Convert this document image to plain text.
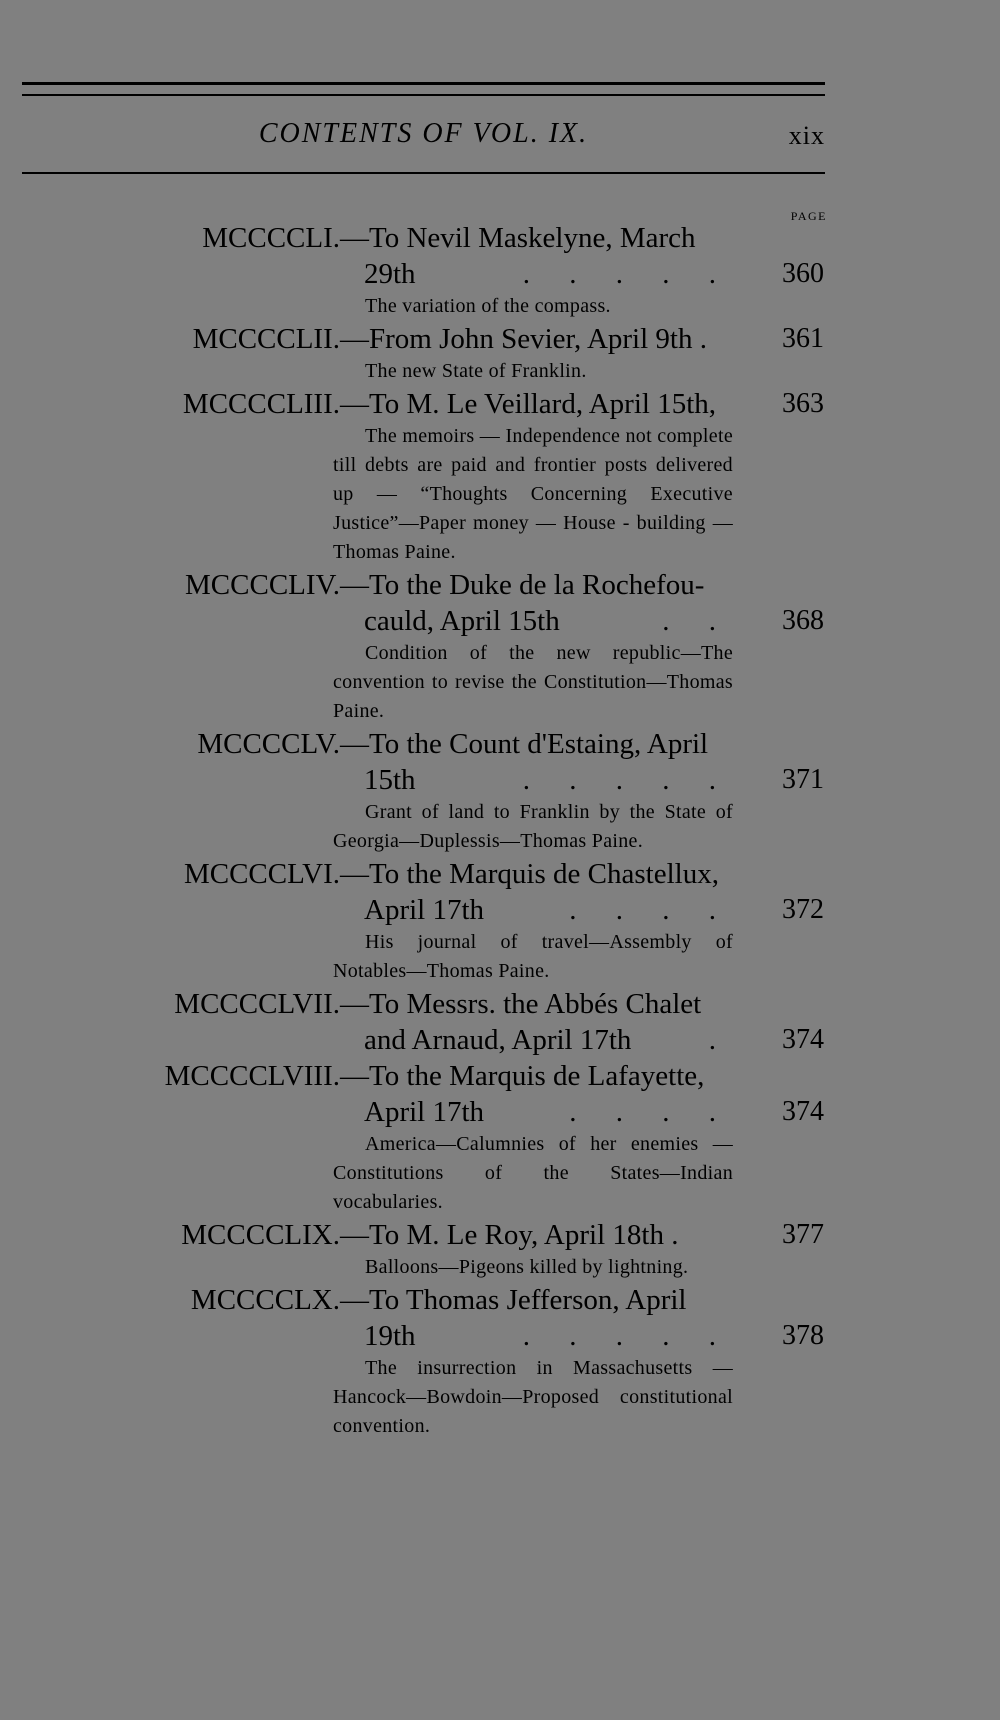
CONTENTS OF VOL. IX.	xix
PAGE
MCCCCLI. —To Nevil Maskelyne, March
29th	. . . . . 360
The variation of the compass.
MCCCCLII. —From John Sevier, April 9th .	361
The new State of Franklin.
MCCCCLIII. —To M. Le Veillard, April 15th, 363
The memoirs — Independence not complete till debts are paid and frontier posts delivered up — “Thoughts Concerning Executive Justice”—Paper money — House - building — Thomas Paine.
MCCCCLIV. —To the Duke de la Rochefou-
cauld, April 15th	. . 368
Condition of the new republic—The convention to revise the Constitution—Thomas Paine.
MCCCCLV. —To the Count d'Estaing, April
15th	. . . . . 371
Grant of land to Franklin by the State of Georgia—Duplessis—Thomas Paine.
MCCCCLVI. —To the Marquis de Chastellux,
April 17th	. . . . 372
His journal of travel—Assembly of Notables—Thomas Paine.
MCCCCLVII. —To Messrs. the Abbés Chalet
and Arnaud, April 17th	. 374
MCCCCLVIII. —To the Marquis de Lafayette,
April 17th	. . . . 374
America—Calumnies of her enemies —Constitutions of the States—Indian vocabularies.
MCCCCLIX. —To M. Le Roy, April 18th .	377
Balloons—Pigeons killed by lightning.
MCCCCLX. —To Thomas Jefferson, April
19th	. . . . . 378
The insurrection in Massachusetts —Hancock—Bowdoin—Proposed constitutional convention.
